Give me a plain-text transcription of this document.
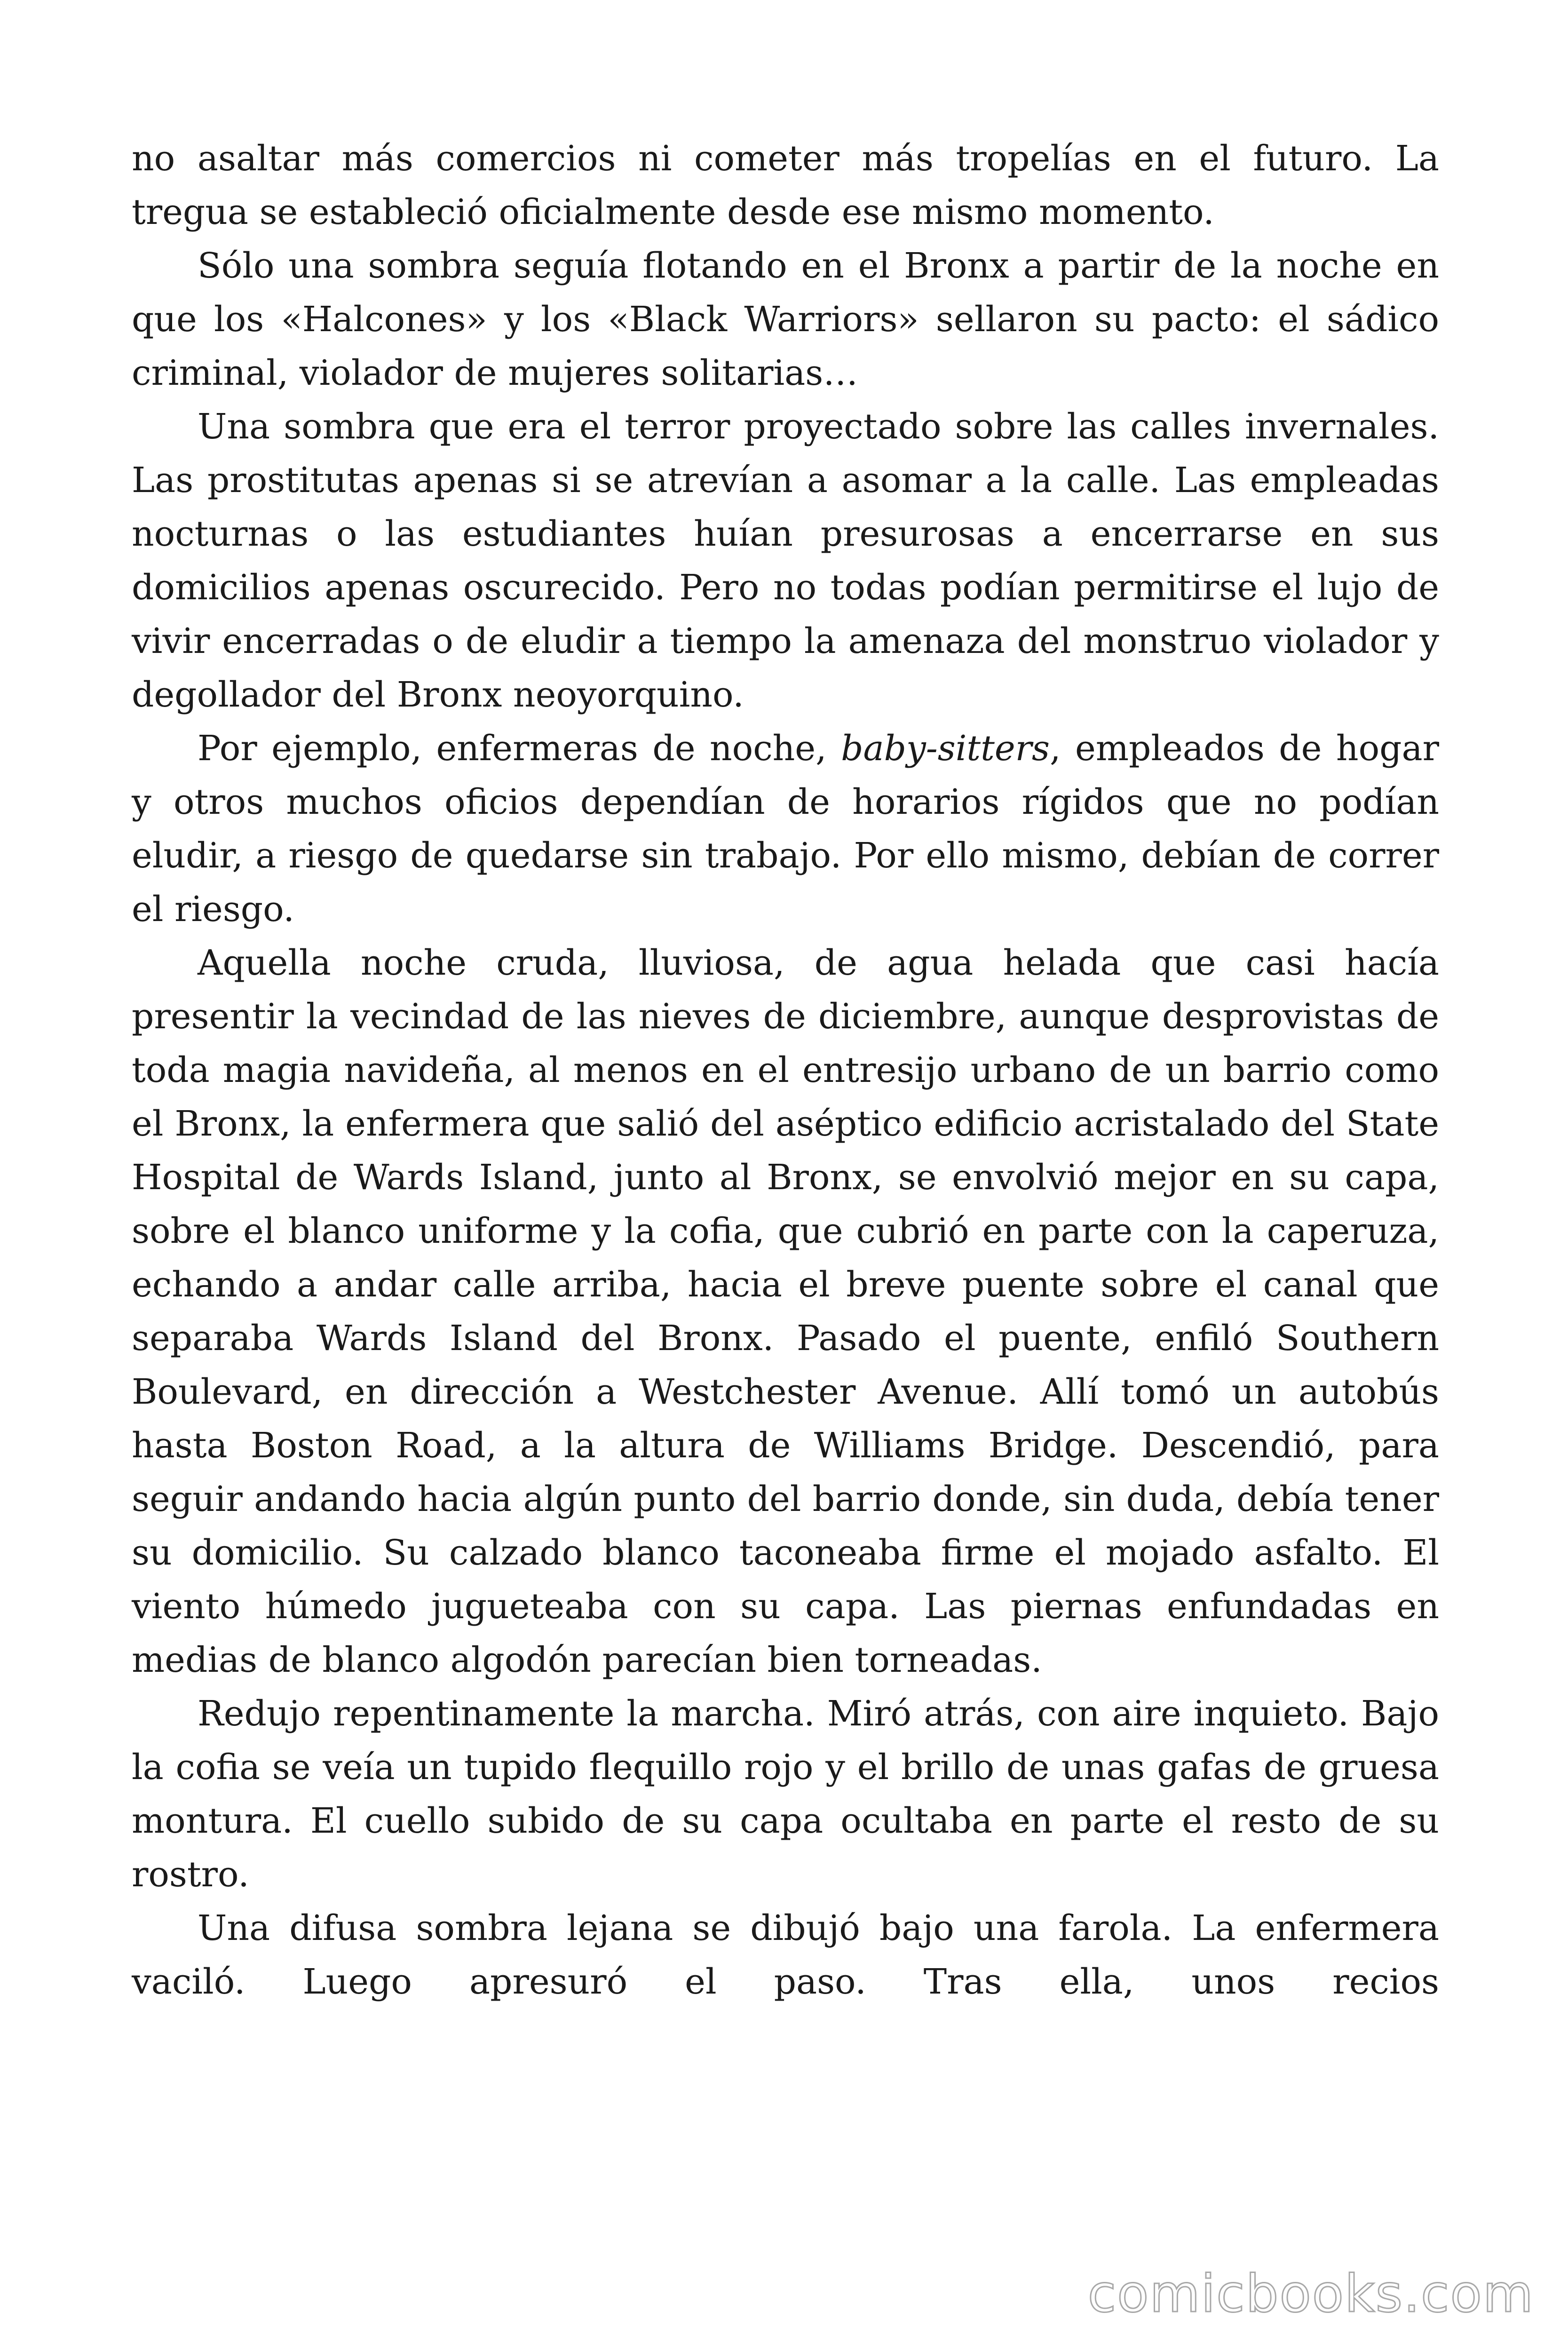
no asaltar más comercios ni cometer más tropelías en el futuro. La tregua se estableció oficialmente desde ese mismo momento.

Sólo una sombra seguía flotando en el Bronx a partir de la noche en que los «Halcones» y los «Black Warriors» sellaron su pacto: el sádico criminal, violador de mujeres solitarias…

Una sombra que era el terror proyectado sobre las calles invernales. Las prostitutas apenas si se atrevían a asomar a la calle. Las empleadas nocturnas o las estudiantes huían presurosas a encerrarse en sus domicilios apenas oscurecido. Pero no todas podían permitirse el lujo de vivir encerradas o de eludir a tiempo la amenaza del monstruo violador y degollador del Bronx neoyorquino.

Por ejemplo, enfermeras de noche, baby-sitters, empleados de hogar y otros muchos oficios dependían de horarios rígidos que no podían eludir, a riesgo de quedarse sin trabajo. Por ello mismo, debían de correr el riesgo.

Aquella noche cruda, lluviosa, de agua helada que casi hacía presentir la vecindad de las nieves de diciembre, aunque desprovistas de toda magia navideña, al menos en el entresijo urbano de un barrio como el Bronx, la enfermera que salió del aséptico edificio acristalado del State Hospital de Wards Island, junto al Bronx, se envolvió mejor en su capa, sobre el blanco uniforme y la cofia, que cubrió en parte con la caperuza, echando a andar calle arriba, hacia el breve puente sobre el canal que separaba Wards Island del Bronx. Pasado el puente, enfiló Southern Boulevard, en dirección a Westchester Avenue. Allí tomó un autobús hasta Boston Road, a la altura de Williams Bridge. Descendió, para seguir andando hacia algún punto del barrio donde, sin duda, debía tener su domicilio. Su calzado blanco taconeaba firme el mojado asfalto. El viento húmedo jugueteaba con su capa. Las piernas enfundadas en medias de blanco algodón parecían bien torneadas.

Redujo repentinamente la marcha. Miró atrás, con aire inquieto. Bajo la cofia se veía un tupido flequillo rojo y el brillo de unas gafas de gruesa montura. El cuello subido de su capa ocultaba en parte el resto de su rostro.

Una difusa sombra lejana se dibujó bajo una farola. La enfermera vaciló. Luego apresuró el paso. Tras ella, unos recios

comicbooks.com
